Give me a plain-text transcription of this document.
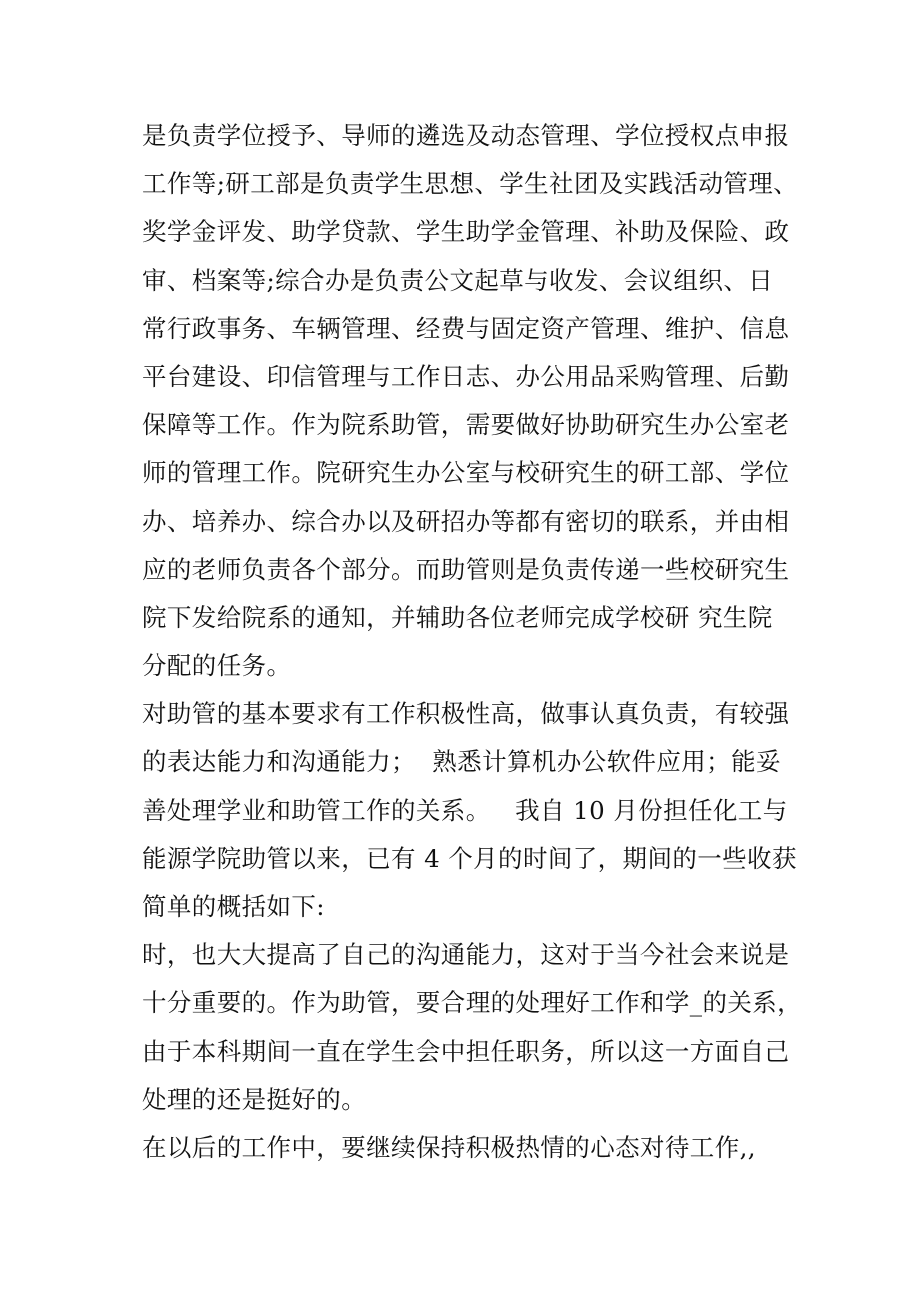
是负责学位授予、导师的遴选及动态管理、学位授权点申报
工作等;研工部是负责学生思想、学生社团及实践活动管理、
奖学金评发、助学贷款、学生助学金管理、补助及保险、政
审、档案等;综合办是负责公文起草与收发、会议组织、日
常行政事务、车辆管理、经费与固定资产管理、维护、信息
平台建设、印信管理与工作日志、办公用品采购管理、后勤
保障等工作。作为院系助管，需要做好协助研究生办公室老
师的管理工作。院研究生办公室与校研究生的研工部、学位
办、培养办、综合办以及研招办等都有密切的联系，并由相
应的老师负责各个部分。而助管则是负责传递一些校研究生
院下发给院系的通知，并辅助各位老师完成学校研 究生院
分配的任务。
对助管的基本要求有工作积极性高，做事认真负责，有较强
的表达能力和沟通能力；  熟悉计算机办公软件应用；能妥
善处理学业和助管工作的关系。   我自 10 月份担任化工与
能源学院助管以来，已有 4 个月的时间了，期间的一些收获
简单的概括如下:
时，也大大提高了自己的沟通能力，这对于当今社会来说是
十分重要的。作为助管，要合理的处理好工作和学_的关系，
由于本科期间一直在学生会中担任职务，所以这一方面自己
处理的还是挺好的。
在以后的工作中，要继续保持积极热情的心态对待工作,,
